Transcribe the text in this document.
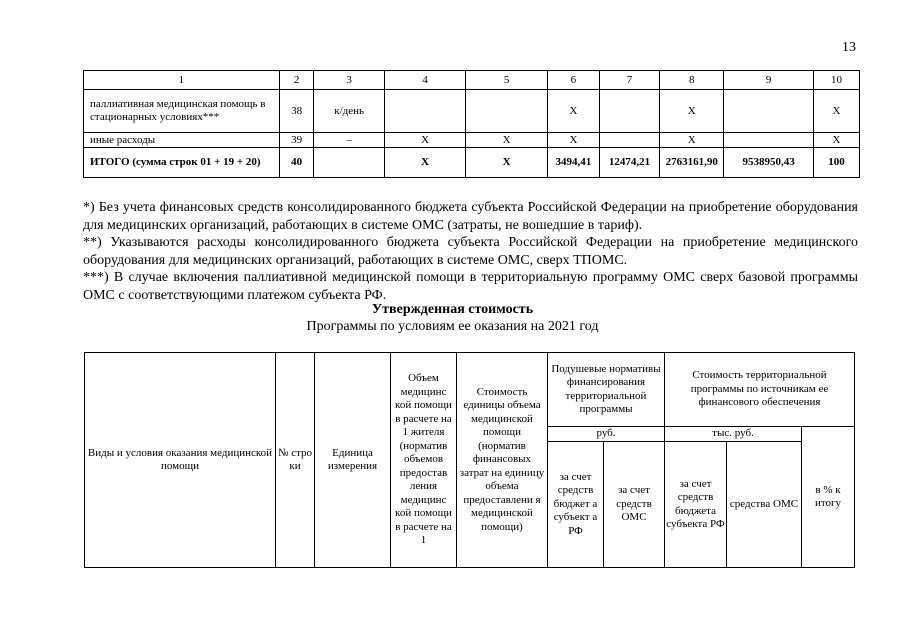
13
1	2	3	4	5	6	7	8	9	10
паллиативная медицинская помощь в стационарных условиях***	38	к/день			X		X		X
иные расходы	39	–	X	X	X		X		X
ИТОГО (сумма строк 01 + 19 + 20)	40		X	X	3494,41	12474,21	2763161,90	9538950,43	100

*) Без учета финансовых средств консолидированного бюджета субъекта Российской Федерации на приобретение оборудования для медицинских организаций, работающих в системе ОМС (затраты, не вошедшие в тариф).

**) Указываются расходы консолидированного бюджета субъекта Российской Федерации на приобретение медицинского оборудования для медицинских организаций, работающих в системе ОМС, сверх ТПОМС.

***) В случае включения паллиативной медицинской помощи в территориальную программу ОМС сверх базовой программы ОМС с соответствующими платежом субъекта РФ.

Утвержденная стоимость
Программы по условиям ее оказания на 2021 год
Виды и условия оказания медицинской помощи	№ стро ки	Единица измерения	Объем медицинс кой помощи в расчете на 1 жителя (норматив объемов предостав ления медицинс кой помощи в расчете на 1	Стоимость единицы объема медицинской помощи (норматив финансовых затрат на единицу объема предоставлени я медицинской помощи)	Подушевые нормативы финансирования территориальной программы		Стоимость территориальной программы по источникам ее финансового обеспечения		
					руб.		тыс. руб.		в % к итогу
					за счет средств бюджет а субъект а РФ	за счет средств ОМС	за счет средств бюджета субъекта РФ	средства ОМС	
